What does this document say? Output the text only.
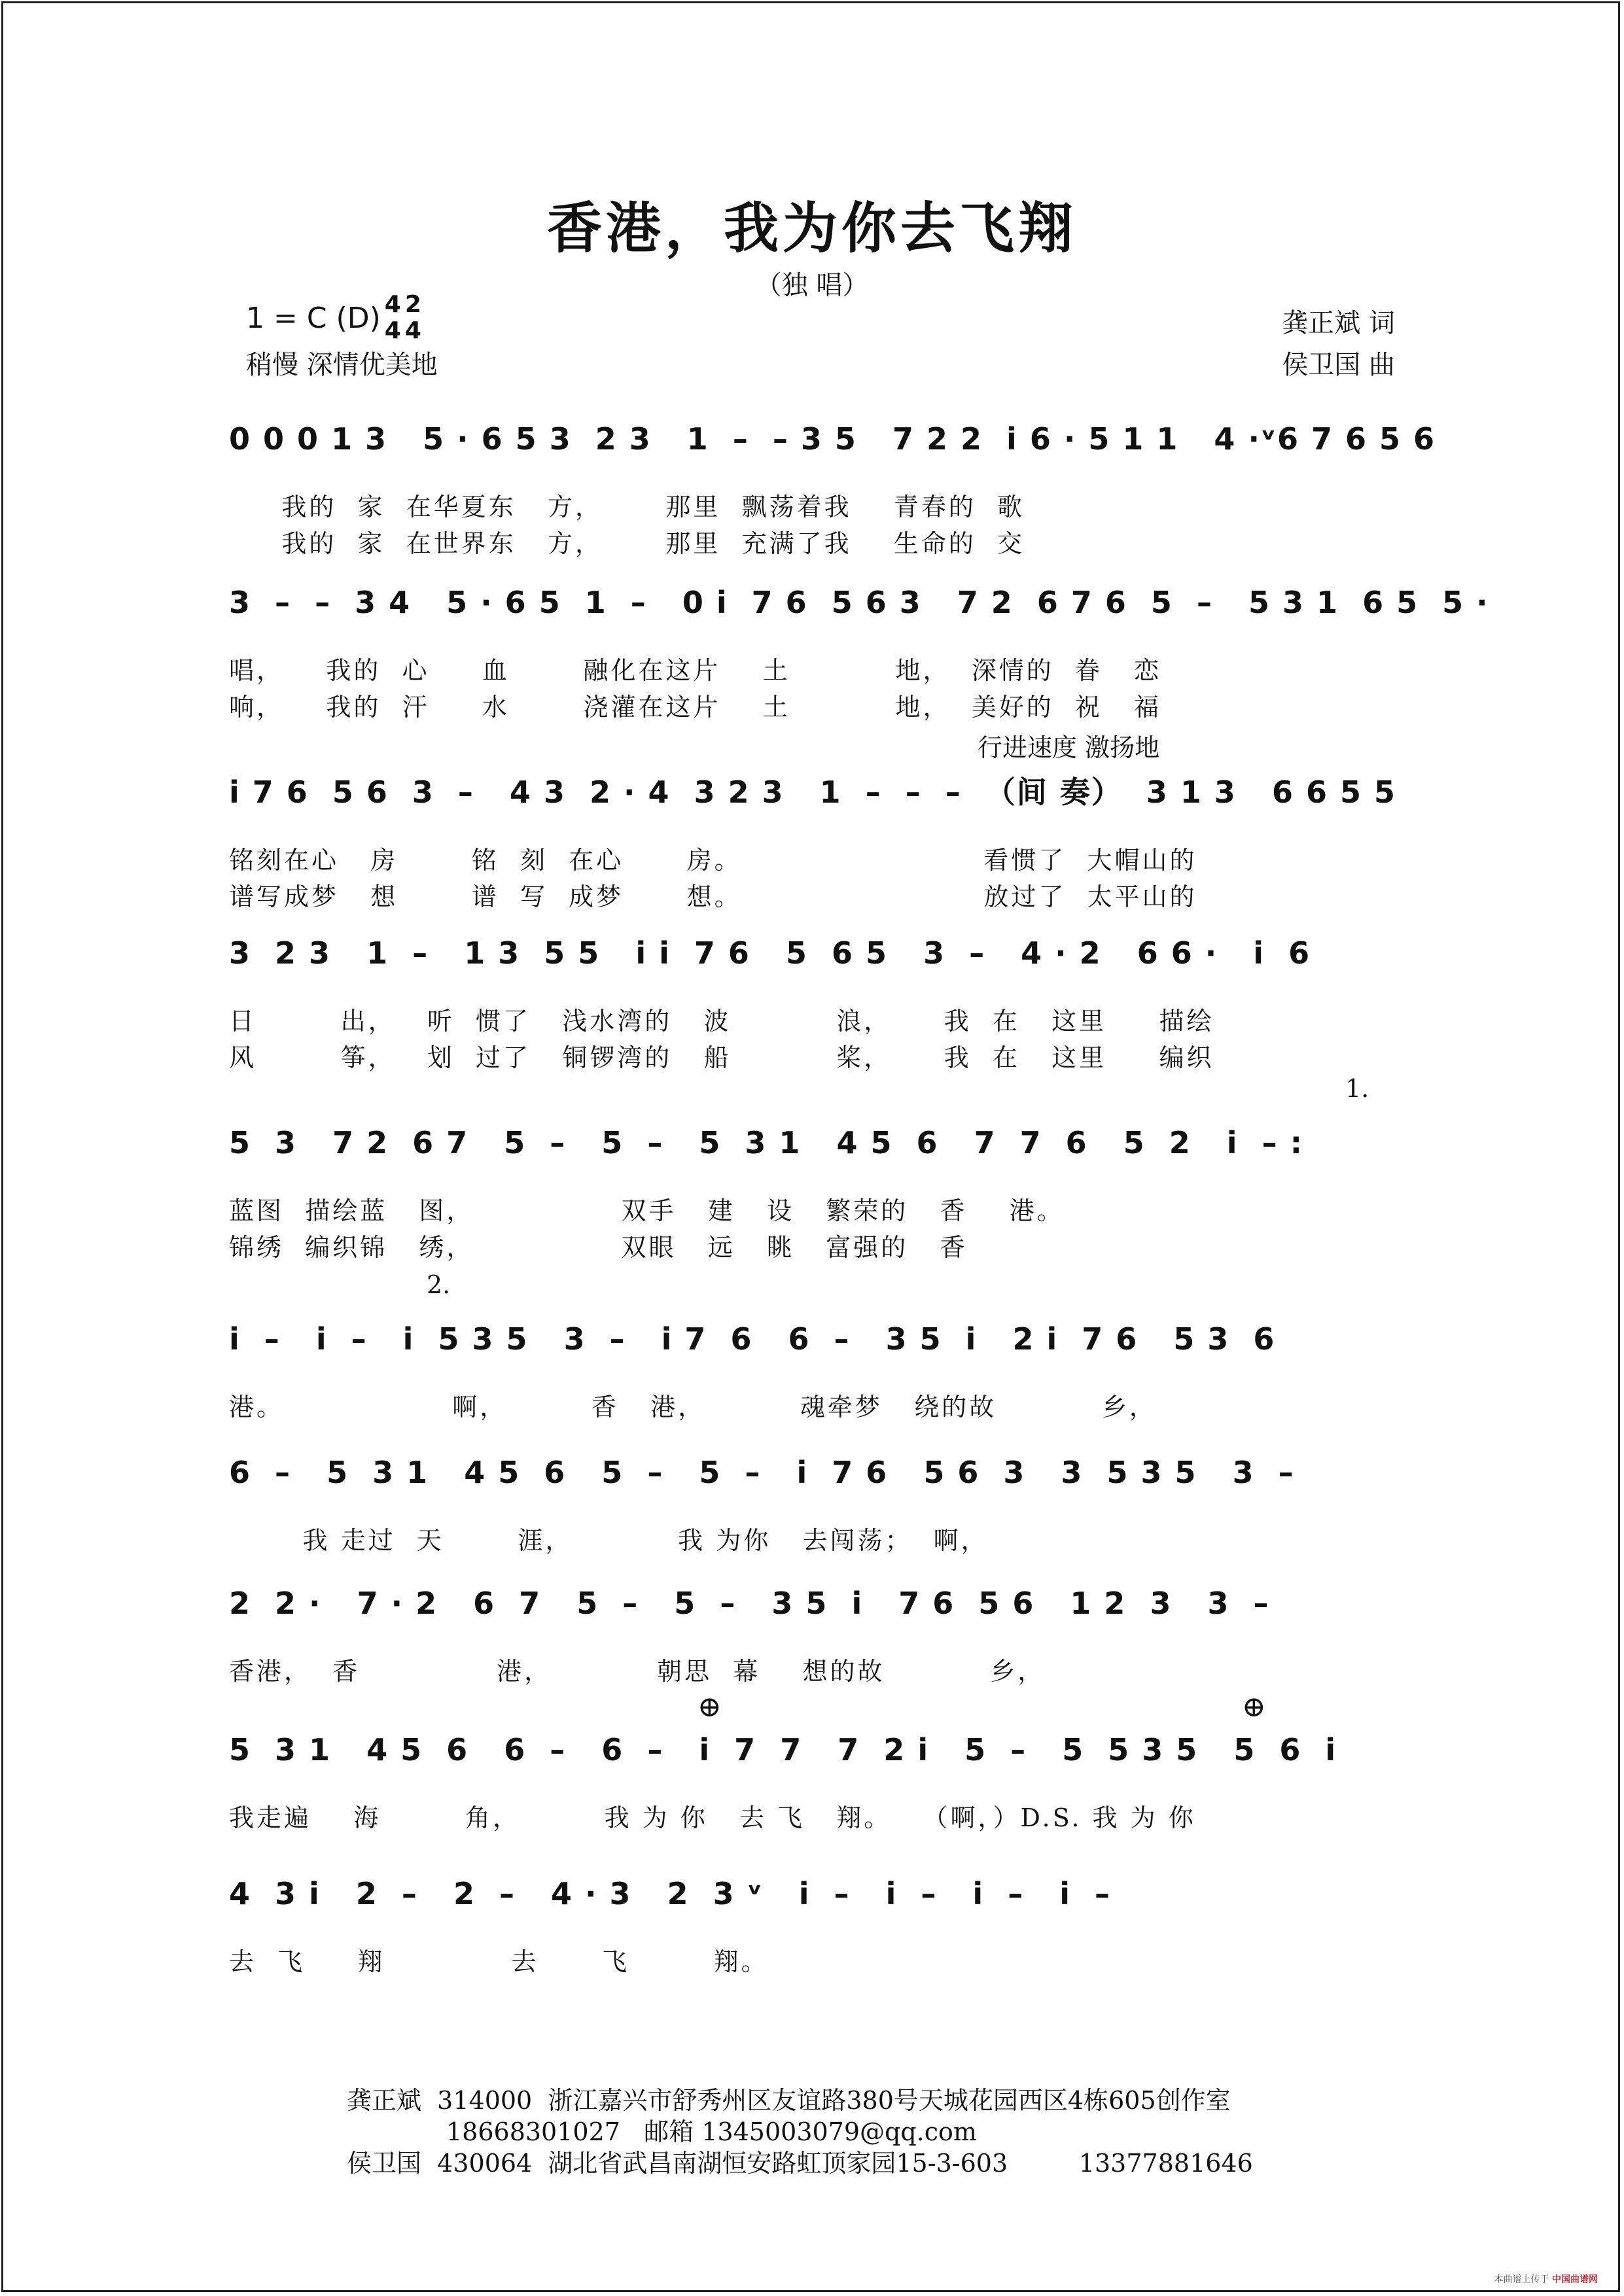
香港，我为你去飞翔
（独 唱）
1 = C (D) 4
4
2
4
稍慢 深情优美地
龚正斌 词
侯卫国 曲
0 0 0 1 3   5 · 6 5 3  2 3   1  –  – 3 5   7 2 2  i 6 · 5 1 1   4 ·ᵛ6 7 6 5 6
我的  家  在华夏东   方，      那里  飘荡着我    青春的  歌
我的  家  在世界东   方，      那里  充满了我    生命的  交
3  –  –  3 4   5 · 6 5  1  –   0 i  7 6  5 6 3   7 2  6 7 6  5  –   5 3 1  6 5  5 ·
唱，    我的  心     血       融化在这片    土          地，  深情的  眷   恋
响，    我的  汗     水       浇灌在这片    土          地，  美好的  祝   福
行进速度 激扬地
i 7 6  5 6  3  –   4 3  2 · 4  3 2 3   1  –  –  –  （间 奏）  3 1 3   6 6 5 5
铭刻在心   房       铭  刻  在心      房。                       看惯了  大帽山的
谱写成梦   想       谱  写  成梦      想。                       放过了  太平山的
3  2 3   1  –   1 3  5 5   i i  7 6   5  6 5   3  –   4 · 2   6 6 ·   i  6
日        出，   听  惯了   浅水湾的   波          浪，     我  在   这里     描绘
风        筝，   划  过了   铜锣湾的   船          桨，     我  在   这里     编织
1.
5  3   7 2  6 7   5  –   5  –   5  3 1   4 5  6   7  7  6   5  2   i  – :
蓝图  描绘蓝   图，              双手   建   设   繁荣的   香    港。
锦绣  编织锦   绣，              双眼   远   眺   富强的   香
2.
i  –   i  –   i  5 3 5   3  –   i 7  6   6  –   3 5  i   2 i  7 6   5 3  6
港。                啊，        香   港，         魂牵梦   绕的故          乡，
6  –   5  3 1   4 5  6   5  –   5  –   i  7 6   5 6  3   3  5 3 5   3  –
我 走过  天       涯，          我 为你   去闯荡；  啊，
2  2 ·   7 · 2   6  7   5  –   5  –   3 5  i   7 6  5 6   1 2  3   3  –
香港，  香             港，          朝思  幕    想的故          乡，
⊕	⊕
5  3 1   4 5  6   6  –   6  –   i  7  7   7  2 i   5  –   5  5 3 5   5  6  i
我走遍    海        角，        我 为 你   去 飞   翔。   （啊，）D.S. 我 为 你
4  3 i   2  –   2  –   4 · 3   2  3 ᵛ   i  –   i  –   i  –   i  –
去  飞     翔            去      飞        翔。
龚正斌  314000  浙江嘉兴市舒秀州区友谊路380号天城花园西区4栋605创作室
18668301027   邮箱 1345003079@qq.com
侯卫国  430064  湖北省武昌南湖恒安路虹顶家园15-3-603         13377881646
本曲谱上传于 中国曲谱网
